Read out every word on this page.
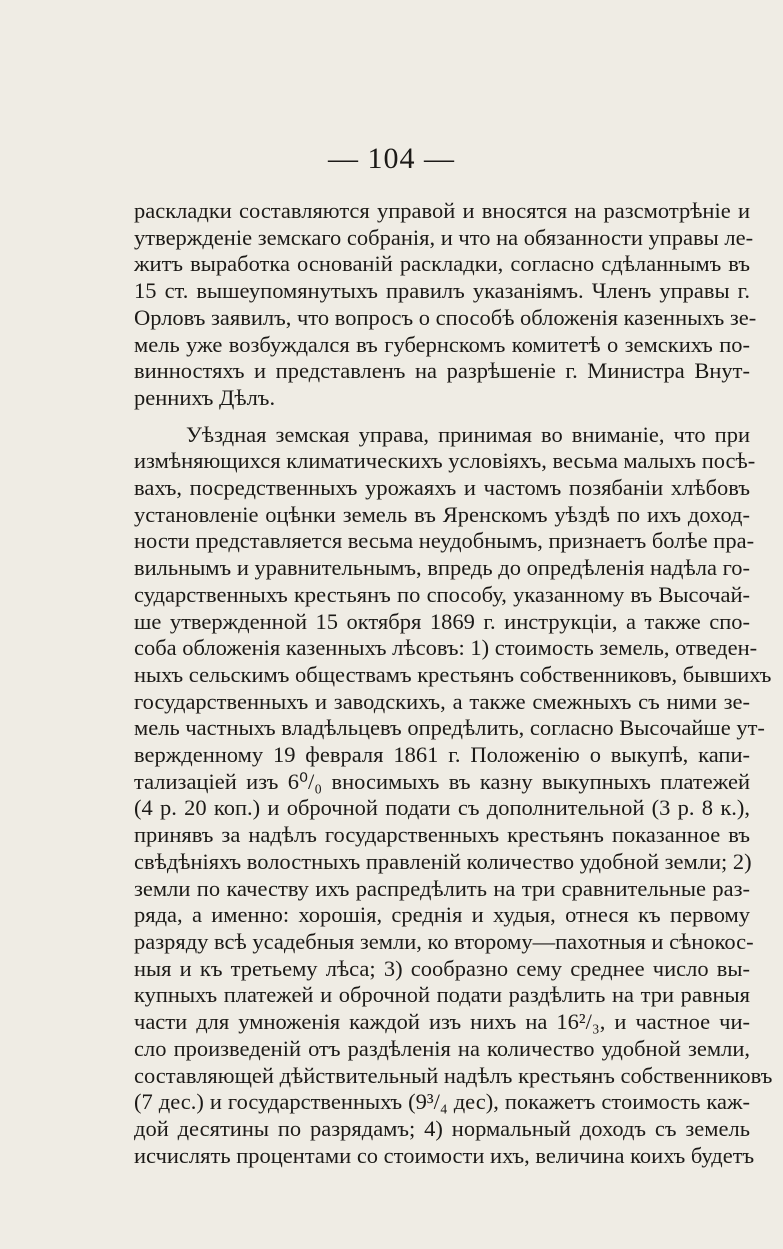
— 104 —

раскладки составляются управой и вносятся на разсмотрѣніе и
утвержденіе земскаго собранія, и что на обязанности управы ле-
житъ выработка основаній раскладки, согласно сдѣланнымъ въ
15 ст. вышеупомянутыхъ правилъ указаніямъ. Членъ управы г.
Орловъ заявилъ, что вопросъ о способѣ обложенія казенныхъ зе-
мель уже возбуждался въ губернскомъ комитетѣ о земскихъ по-
винностяхъ и представленъ на разрѣшеніе г. Министра Внут-
реннихъ Дѣлъ.

Уѣздная земская управа, принимая во вниманіе, что при
измѣняющихся климатическихъ условіяхъ, весьма малыхъ посѣ-
вахъ, посредственныхъ урожаяхъ и частомъ позябаніи хлѣбовъ
установленіе оцѣнки земель въ Яренскомъ уѣздѣ по ихъ доход-
ности представляется весьма неудобнымъ, признаетъ болѣе пра-
вильнымъ и уравнительнымъ, впредь до опредѣленія надѣла го-
сударственныхъ крестьянъ по способу, указанному въ Высочай-
ше утвержденной 15 октября 1869 г. инструкціи, а также спо-
соба обложенія казенныхъ лѣсовъ: 1) стоимость земель, отведен-
ныхъ сельскимъ обществамъ крестьянъ собственниковъ, бывшихъ
государственныхъ и заводскихъ, а также смежныхъ съ ними зе-
мель частныхъ владѣльцевъ опредѣлить, согласно Высочайше ут-
вержденному 19 февраля 1861 г. Положенію о выкупѣ, капи-
тализаціей изъ 6⁰/₀ вносимыхъ въ казну выкупныхъ платежей
(4 р. 20 коп.) и оброчной подати съ дополнительной (3 р. 8 к.),
принявъ за надѣлъ государственныхъ крестьянъ показанное въ
свѣдѣніяхъ волостныхъ правленій количество удобной земли; 2)
земли по качеству ихъ распредѣлить на три сравнительные раз-
ряда, а именно: хорошія, среднія и худыя, отнеся къ первому
разряду всѣ усадебныя земли, ко второму—пахотныя и сѣнокос-
ныя и къ третьему лѣса; 3) сообразно сему среднее число вы-
купныхъ платежей и оброчной подати раздѣлить на три равныя
части для умноженія каждой изъ нихъ на 16²/₃, и частное чи-
сло произведеній отъ раздѣленія на количество удобной земли,
составляющей дѣйствительный надѣлъ крестьянъ собственниковъ
(7 дес.) и государственныхъ (9³/₄ дес), покажетъ стоимость каж-
дой десятины по разрядамъ; 4) нормальный доходъ съ земель
исчислять процентами со стоимости ихъ, величина коихъ будетъ
